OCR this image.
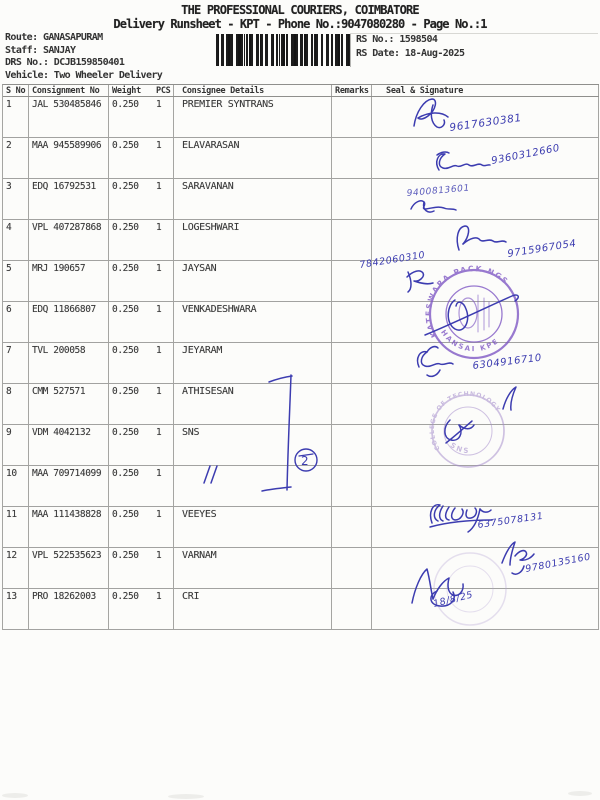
THE PROFESSIONAL COURIERS, COIMBATORE
Delivery Runsheet - KPT - Phone No.:9047080280 - Page No.:1
Route: GANASAPURAM
Staff: SANJAY
DRS No.: DCJB159850401
Vehicle: Two Wheeler Delivery
RS No.: 1598504
RS Date: 18-Aug-2025
S No Consignment No	Weight	PCS	Consignee Details	Remarks	Seal & Signature
1	JAL 530485846	0.250	1	PREMIER SYNTRANS
2	MAA 945589906	0.250	1	ELAVARASAN
3	EDQ 16792531	0.250	1	SARAVANAN
4	VPL 407287868	0.250	1	LOGESHWARI
5	MRJ 190657	0.250	1	JAYSAN
6	EDQ 11866807	0.250	1	VENKADESHWARA
7	TVL 200058	0.250	1	JEYARAM
8	CMM 527571	0.250	1	ATHISESAN
9	VDM 4042132	0.250	1	SNS
10	MAA 709714099	0.250	1
11	MAA 111438828	0.250	1	VEEYES
12	VPL 522535623	0.250	1	VARNAM
13	PRO 18262003	0.250	1	CRI
KATESWARA PACK NGS
HANSAI KPE
COLLEGE OF TECHNOLOGY
SNS
9617630381
9360312660
9400813601
9715967054
7842060310
6304916710
6375078131
9780135160
18/8/25
2
